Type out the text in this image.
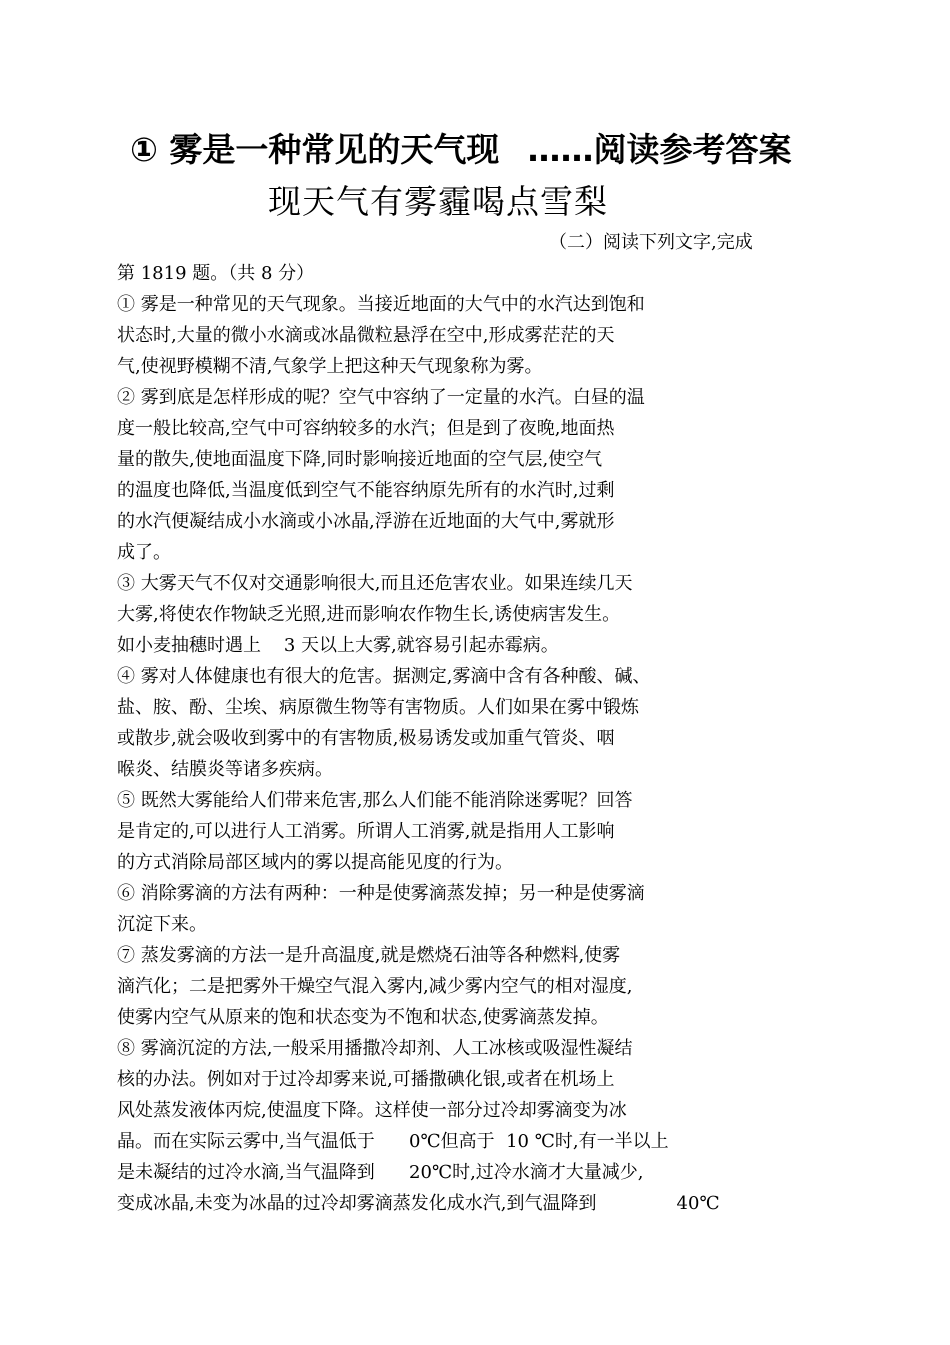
① 雾是一种常见的天气现 ……阅读参考答案
现天气有雾霾喝点雪梨
（二）阅读下列文字,完成
第 1819 题。（共 8 分）
① 雾是一种常见的天气现象。当接近地面的大气中的水汽达到饱和
状态时,大量的微小水滴或冰晶微粒悬浮在空中,形成雾茫茫的天
气,使视野模糊不清,气象学上把这种天气现象称为雾。
② 雾到底是怎样形成的呢？空气中容纳了一定量的水汽。白昼的温
度一般比较高,空气中可容纳较多的水汽；但是到了夜晚,地面热
量的散失,使地面温度下降,同时影响接近地面的空气层,使空气
的温度也降低,当温度低到空气不能容纳原先所有的水汽时,过剩
的水汽便凝结成小水滴或小冰晶,浮游在近地面的大气中,雾就形
成了。
③ 大雾天气不仅对交通影响很大,而且还危害农业。如果连续几天
大雾,将使农作物缺乏光照,进而影响农作物生长,诱使病害发生。
如小麦抽穗时遇上    3 天以上大雾,就容易引起赤霉病。
④ 雾对人体健康也有很大的危害。据测定,雾滴中含有各种酸、碱、
盐、胺、酚、尘埃、病原微生物等有害物质。人们如果在雾中锻炼
或散步,就会吸收到雾中的有害物质,极易诱发或加重气管炎、咽
喉炎、结膜炎等诸多疾病。
⑤ 既然大雾能给人们带来危害,那么人们能不能消除迷雾呢？回答
是肯定的,可以进行人工消雾。所谓人工消雾,就是指用人工影响
的方式消除局部区域内的雾以提高能见度的行为。
⑥ 消除雾滴的方法有两种：一种是使雾滴蒸发掉；另一种是使雾滴
沉淀下来。
⑦ 蒸发雾滴的方法一是升高温度,就是燃烧石油等各种燃料,使雾
滴汽化；二是把雾外干燥空气混入雾内,减少雾内空气的相对湿度,
使雾内空气从原来的饱和状态变为不饱和状态,使雾滴蒸发掉。
⑧ 雾滴沉淀的方法,一般采用播撒冷却剂、人工冰核或吸湿性凝结
核的办法。例如对于过冷却雾来说,可播撒碘化银,或者在机场上
风处蒸发液体丙烷,使温度下降。这样使一部分过冷却雾滴变为冰
晶。而在实际云雾中,当气温低于      0℃但高于  10 ℃时,有一半以上
是未凝结的过冷水滴,当气温降到      20℃时,过冷水滴才大量减少,
变成冰晶,未变为冰晶的过冷却雾滴蒸发化成水汽,到气温降到              40℃
